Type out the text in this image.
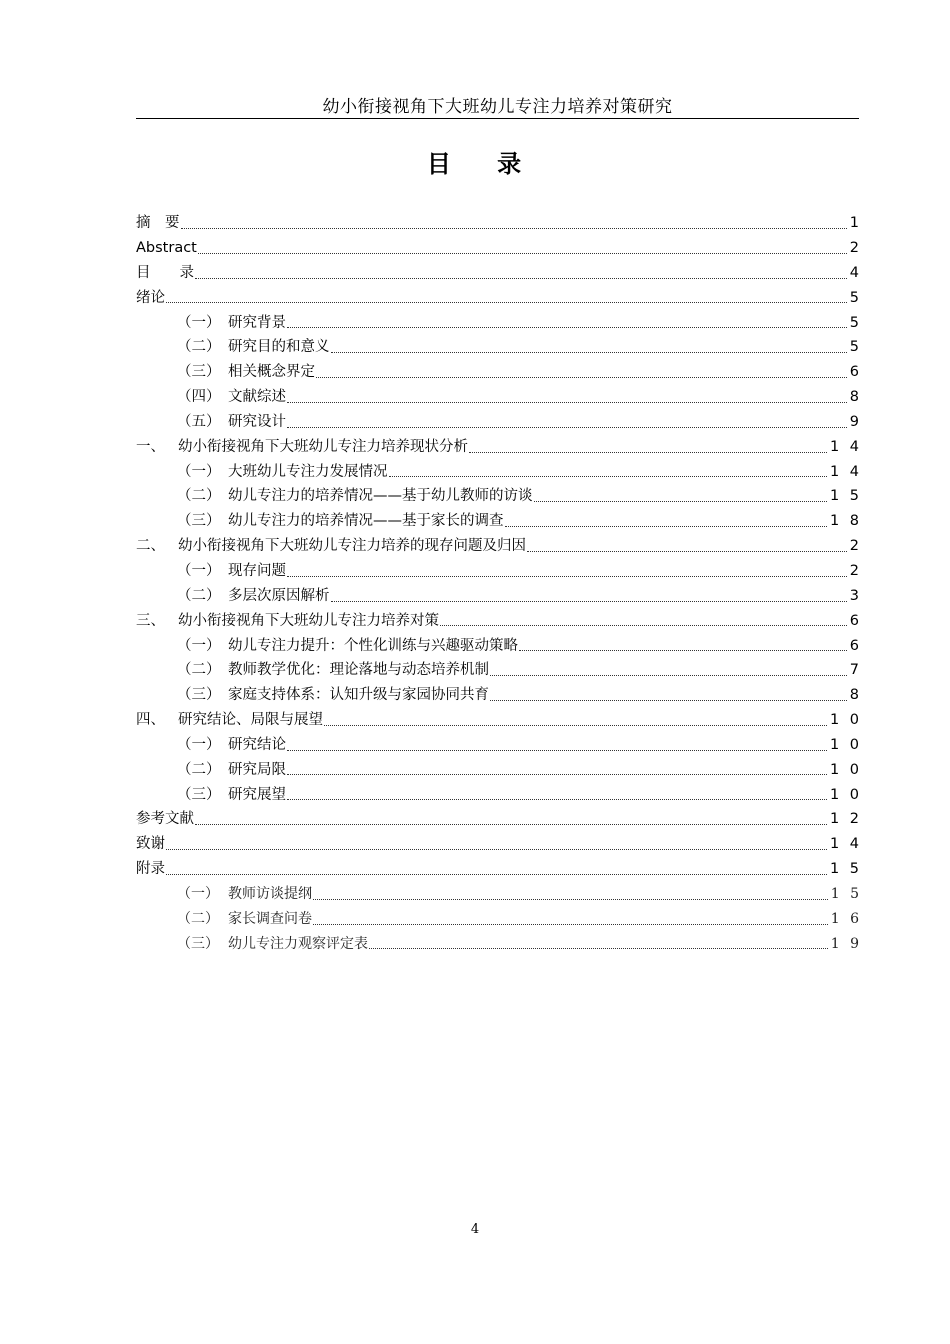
幼小衔接视角下大班幼儿专注力培养对策研究
目 录
摘　要	1
Abstract	2
目　　录	4
绪论	5
（一） 研究背景	5
（二） 研究目的和意义	5
（三） 相关概念界定	6
（四） 文献综述	8
（五） 研究设计	9
一、 幼小衔接视角下大班幼儿专注力培养现状分析	1 4
（一） 大班幼儿专注力发展情况	1 4
（二） 幼儿专注力的培养情况——基于幼儿教师的访谈	1 5
（三） 幼儿专注力的培养情况——基于家长的调查	1 8
二、 幼小衔接视角下大班幼儿专注力培养的现存问题及归因	2
（一） 现存问题	2
（二） 多层次原因解析	3
三、 幼小衔接视角下大班幼儿专注力培养对策	6
（一） 幼儿专注力提升：个性化训练与兴趣驱动策略	6
（二） 教师教学优化：理论落地与动态培养机制	7
（三） 家庭支持体系：认知升级与家园协同共育	8
四、 研究结论、局限与展望	1 0
（一） 研究结论	1 0
（二） 研究局限	1 0
（三） 研究展望	1 0
参考文献	1 2
致谢	1 4
附录	1 5
（一） 教师访谈提纲	1 5
（二） 家长调查问卷	1 6
（三） 幼儿专注力观察评定表	1 9
4
